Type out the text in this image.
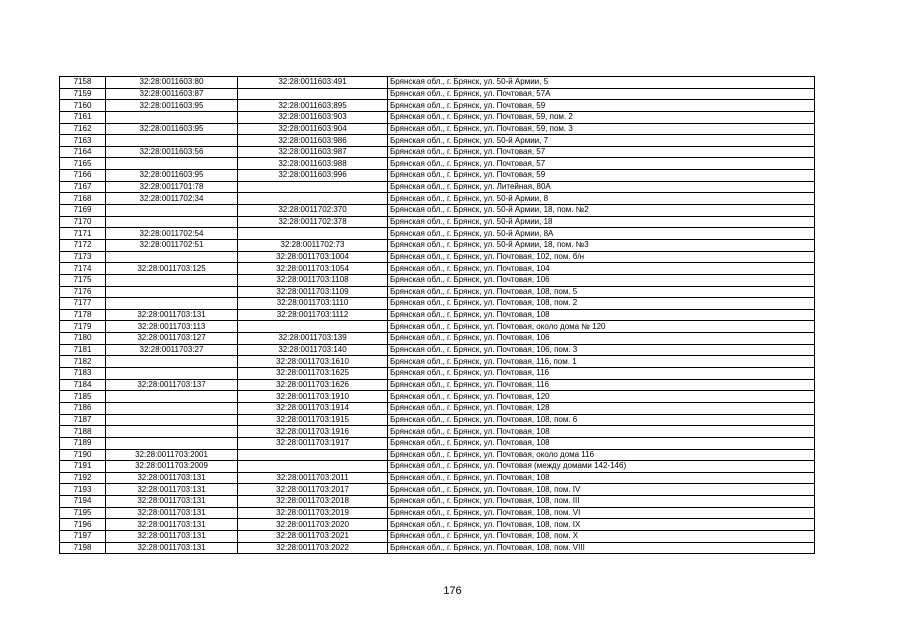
7158	32:28:0011603:80	32:28:0011603:491	Брянская обл., г. Брянск, ул. 50-й Армии, 5
7159	32:28:0011603:87		Брянская обл., г. Брянск, ул. Почтовая, 57А
7160	32:28:0011603:95	32:28:0011603:895	Брянская обл., г. Брянск, ул. Почтовая, 59
7161		32:28:0011603:903	Брянская обл., г. Брянск, ул. Почтовая, 59, пом. 2
7162	32:28:0011603:95	32:28:0011603:904	Брянская обл., г. Брянск, ул. Почтовая, 59, пом. 3
7163		32:28:0011603:986	Брянская обл., г. Брянск, ул. 50-й Армии, 7
7164	32:28:0011603:56	32:28:0011603:987	Брянская обл., г. Брянск, ул. Почтовая, 57
7165		32:28:0011603:988	Брянская обл., г. Брянск, ул. Почтовая, 57
7166	32:28:0011603:95	32:28:0011603:996	Брянская обл., г. Брянск, ул. Почтовая, 59
7167	32:28:0011701:78		Брянская обл., г. Брянск, ул. Литейная, 80А
7168	32:28:0011702:34		Брянская обл., г. Брянск, ул. 50-й Армии, 8
7169		32:28:0011702:370	Брянская обл., г. Брянск, ул. 50-й Армии, 18, пом. №2
7170		32:28:0011702:378	Брянская обл., г. Брянск, ул. 50-й Армии, 18
7171	32:28:0011702:54		Брянская обл., г. Брянск, ул. 50-й Армии, 8А
7172	32:28:0011702:51	32:28:0011702:73	Брянская обл., г. Брянск, ул. 50-й Армии, 18, пом. №3
7173		32:28:0011703:1004	Брянская обл., г. Брянск, ул. Почтовая, 102, пом. б/н
7174	32:28:0011703:125	32:28:0011703:1054	Брянская обл., г. Брянск, ул. Почтовая, 104
7175		32:28:0011703:1108	Брянская обл., г. Брянск, ул. Почтовая, 106
7176		32:28:0011703:1109	Брянская обл., г. Брянск, ул. Почтовая, 108, пом. 5
7177		32:28:0011703:1110	Брянская обл., г. Брянск, ул. Почтовая, 108, пом. 2
7178	32:28:0011703:131	32:28:0011703:1112	Брянская обл., г. Брянск, ул. Почтовая, 108
7179	32:28:0011703:113		Брянская обл., г. Брянск, ул. Почтовая, около дома № 120
7180	32:28:0011703:127	32:28:0011703:139	Брянская обл., г. Брянск, ул. Почтовая, 106
7181	32:28:0011703:27	32:28:0011703:140	Брянская обл., г. Брянск, ул. Почтовая, 106, пом. 3
7182		32:28:0011703:1610	Брянская обл., г. Брянск, ул. Почтовая, 116, пом. 1
7183		32:28:0011703:1625	Брянская обл., г. Брянск, ул. Почтовая, 116
7184	32:28:0011703:137	32:28:0011703:1626	Брянская обл., г. Брянск, ул. Почтовая, 116
7185		32:28:0011703:1910	Брянская обл., г. Брянск, ул. Почтовая, 120
7186		32:28:0011703:1914	Брянская обл., г. Брянск, ул. Почтовая, 128
7187		32:28:0011703:1915	Брянская обл., г. Брянск, ул. Почтовая, 108, пом. 6
7188		32:28:0011703:1916	Брянская обл., г. Брянск, ул. Почтовая, 108
7189		32:28:0011703:1917	Брянская обл., г. Брянск, ул. Почтовая, 108
7190	32:28:0011703:2001		Брянская обл., г. Брянск, ул. Почтовая, около дома 116
7191	32:28:0011703:2009		Брянская обл., г. Брянск, ул. Почтовая (между домами 142-146)
7192	32:28:0011703:131	32:28:0011703:2011	Брянская обл., г. Брянск, ул. Почтовая, 108
7193	32:28:0011703:131	32:28:0011703:2017	Брянская обл., г. Брянск, ул. Почтовая, 108, пом. IV
7194	32:28:0011703:131	32:28:0011703:2018	Брянская обл., г. Брянск, ул. Почтовая, 108, пом. III
7195	32:28:0011703:131	32:28:0011703:2019	Брянская обл., г. Брянск, ул. Почтовая, 108, пом. VI
7196	32:28:0011703:131	32:28:0011703:2020	Брянская обл., г. Брянск, ул. Почтовая, 108, пом. IX
7197	32:28:0011703:131	32:28:0011703:2021	Брянская обл., г. Брянск, ул. Почтовая, 108, пом. X
7198	32:28:0011703:131	32:28:0011703:2022	Брянская обл., г. Брянск, ул. Почтовая, 108, пом. VIII
176
